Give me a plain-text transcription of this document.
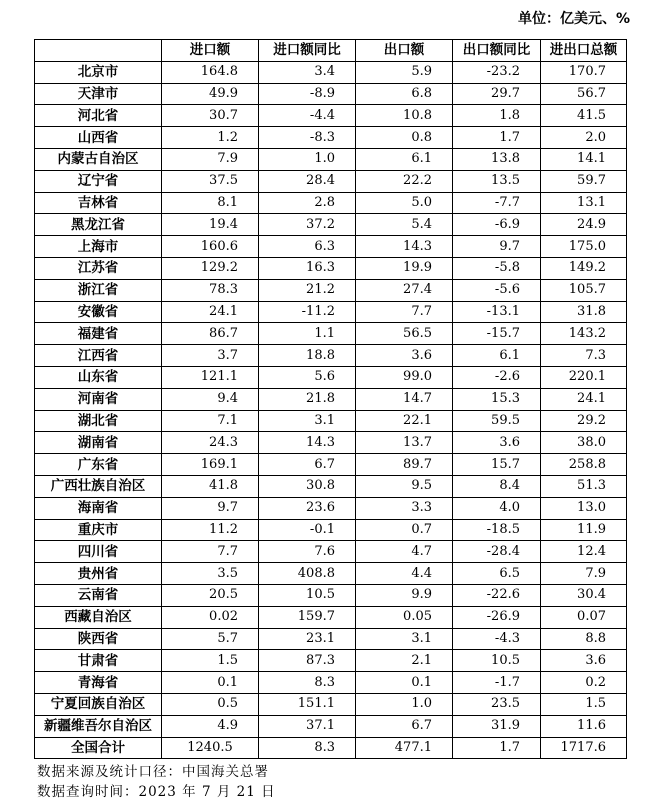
单位：亿美元、%
	进口额	进口额同比	出口额	出口额同比	进出口总额
北京市	164.8	3.4	5.9	-23.2	170.7
天津市	49.9	-8.9	6.8	29.7	56.7
河北省	30.7	-4.4	10.8	1.8	41.5
山西省	1.2	-8.3	0.8	1.7	2.0
内蒙古自治区	7.9	1.0	6.1	13.8	14.1
辽宁省	37.5	28.4	22.2	13.5	59.7
吉林省	8.1	2.8	5.0	-7.7	13.1
黑龙江省	19.4	37.2	5.4	-6.9	24.9
上海市	160.6	6.3	14.3	9.7	175.0
江苏省	129.2	16.3	19.9	-5.8	149.2
浙江省	78.3	21.2	27.4	-5.6	105.7
安徽省	24.1	-11.2	7.7	-13.1	31.8
福建省	86.7	1.1	56.5	-15.7	143.2
江西省	3.7	18.8	3.6	6.1	7.3
山东省	121.1	5.6	99.0	-2.6	220.1
河南省	9.4	21.8	14.7	15.3	24.1
湖北省	7.1	3.1	22.1	59.5	29.2
湖南省	24.3	14.3	13.7	3.6	38.0
广东省	169.1	6.7	89.7	15.7	258.8
广西壮族自治区	41.8	30.8	9.5	8.4	51.3
海南省	9.7	23.6	3.3	4.0	13.0
重庆市	11.2	-0.1	0.7	-18.5	11.9
四川省	7.7	7.6	4.7	-28.4	12.4
贵州省	3.5	408.8	4.4	6.5	7.9
云南省	20.5	10.5	9.9	-22.6	30.4
西藏自治区	0.02	159.7	0.05	-26.9	0.07
陕西省	5.7	23.1	3.1	-4.3	8.8
甘肃省	1.5	87.3	2.1	10.5	3.6
青海省	0.1	8.3	0.1	-1.7	0.2
宁夏回族自治区	0.5	151.1	1.0	23.5	1.5
新疆维吾尔自治区	4.9	37.1	6.7	31.9	11.6
全国合计	1240.5	8.3	477.1	1.7	1717.6
数据来源及统计口径：中国海关总署
数据查询时间：2023 年 7 月 21 日
